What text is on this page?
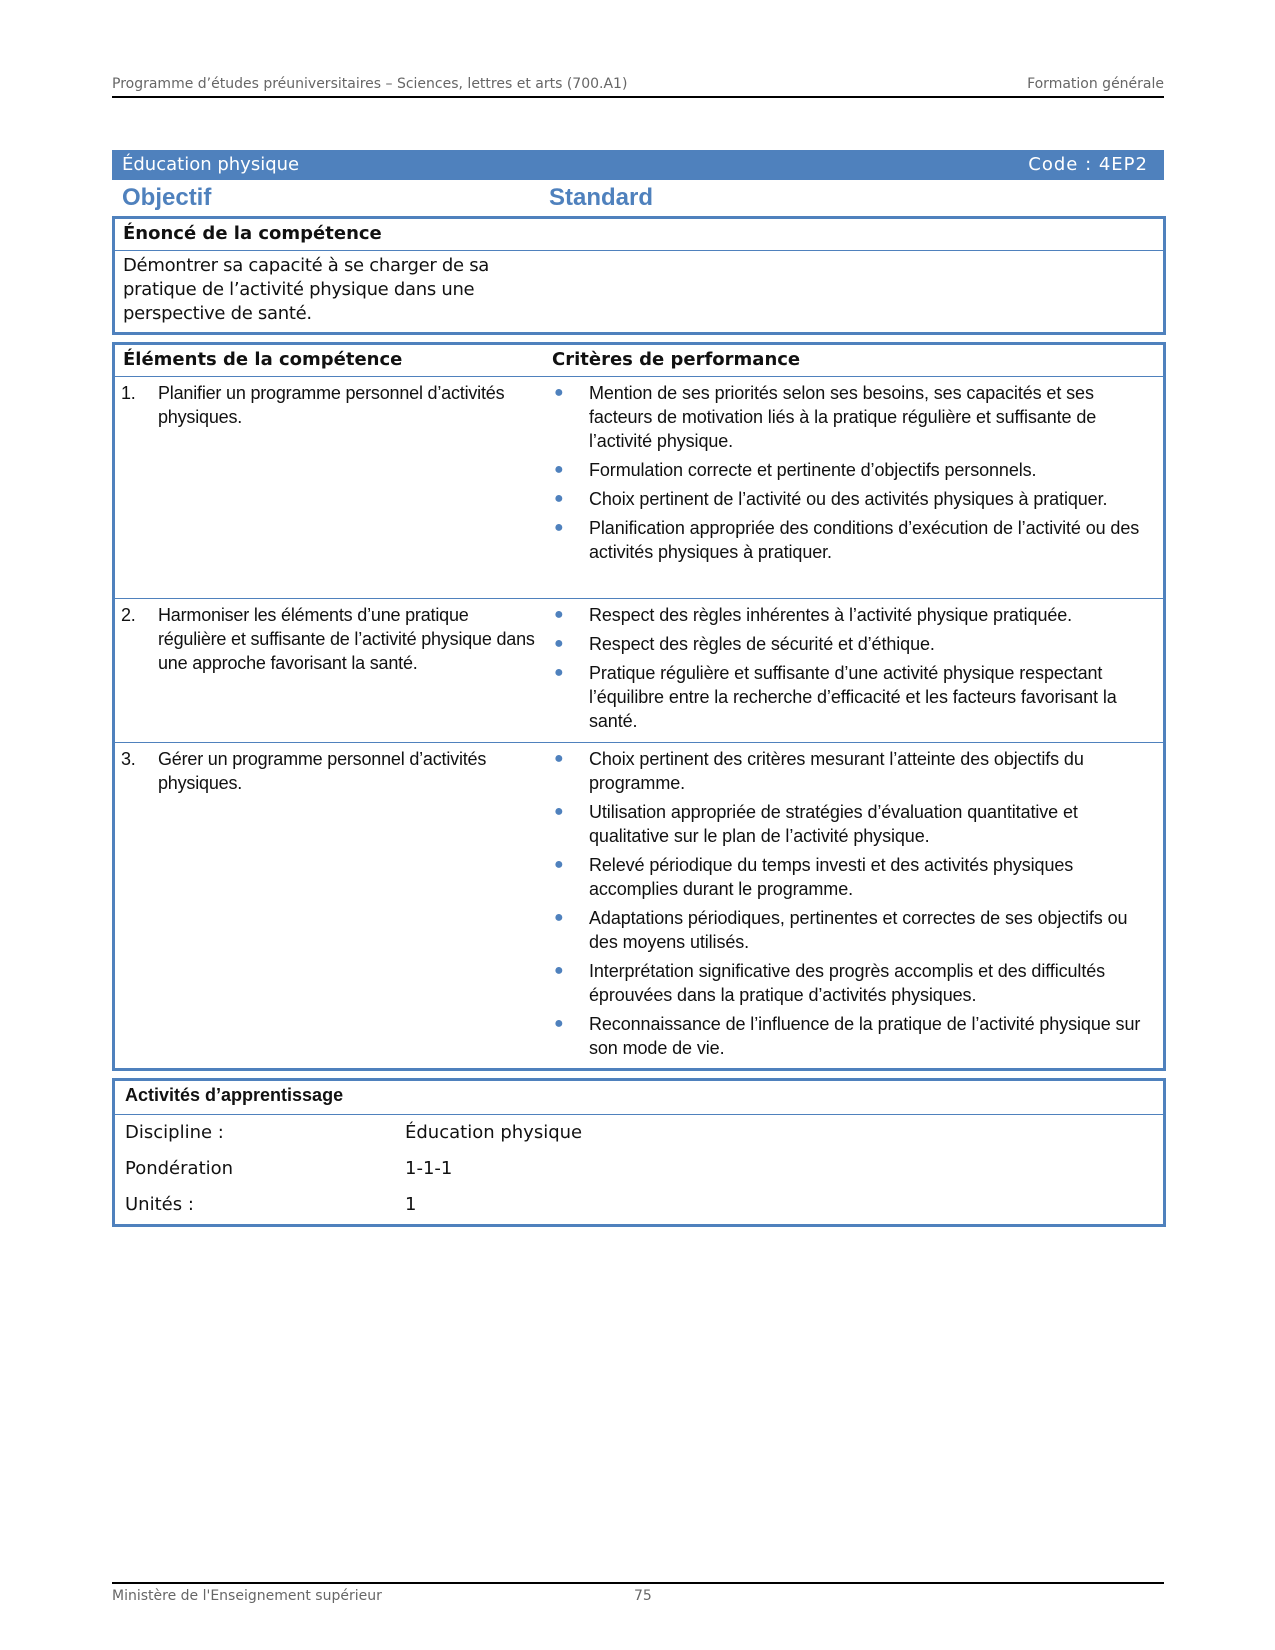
Programme d’études préuniversitaires – Sciences, lettres et arts (700.A1)	Formation générale
Éducation physique	Code : 4EP2
Objectif	Standard
Énoncé de la compétence
Démontrer sa capacité à se charger de sa pratique de l’activité physique dans une perspective de santé.
Éléments de la compétence	Critères de performance
1. Planifier un programme personnel d’activités physiques.
● Mention de ses priorités selon ses besoins, ses capacités et ses facteurs de motivation liés à la pratique régulière et suffisante de l’activité physique.
● Formulation correcte et pertinente d’objectifs personnels.
● Choix pertinent de l’activité ou des activités physiques à pratiquer.
● Planification appropriée des conditions d’exécution de l’activité ou des activités physiques à pratiquer.
2. Harmoniser les éléments d’une pratique régulière et suffisante de l’activité physique dans une approche favorisant la santé.
● Respect des règles inhérentes à l’activité physique pratiquée.
● Respect des règles de sécurité et d’éthique.
● Pratique régulière et suffisante d’une activité physique respectant l’équilibre entre la recherche d’efficacité et les facteurs favorisant la santé.
3. Gérer un programme personnel d’activités physiques.
● Choix pertinent des critères mesurant l’atteinte des objectifs du programme.
● Utilisation appropriée de stratégies d’évaluation quantitative et qualitative sur le plan de l’activité physique.
● Relevé périodique du temps investi et des activités physiques accomplies durant le programme.
● Adaptations périodiques, pertinentes et correctes de ses objectifs ou des moyens utilisés.
● Interprétation significative des progrès accomplis et des difficultés éprouvées dans la pratique d’activités physiques.
● Reconnaissance de l’influence de la pratique de l’activité physique sur son mode de vie.
Activités d’apprentissage
Discipline :	Éducation physique
Pondération	1-1-1
Unités :	1
Ministère de l'Enseignement supérieur	75
